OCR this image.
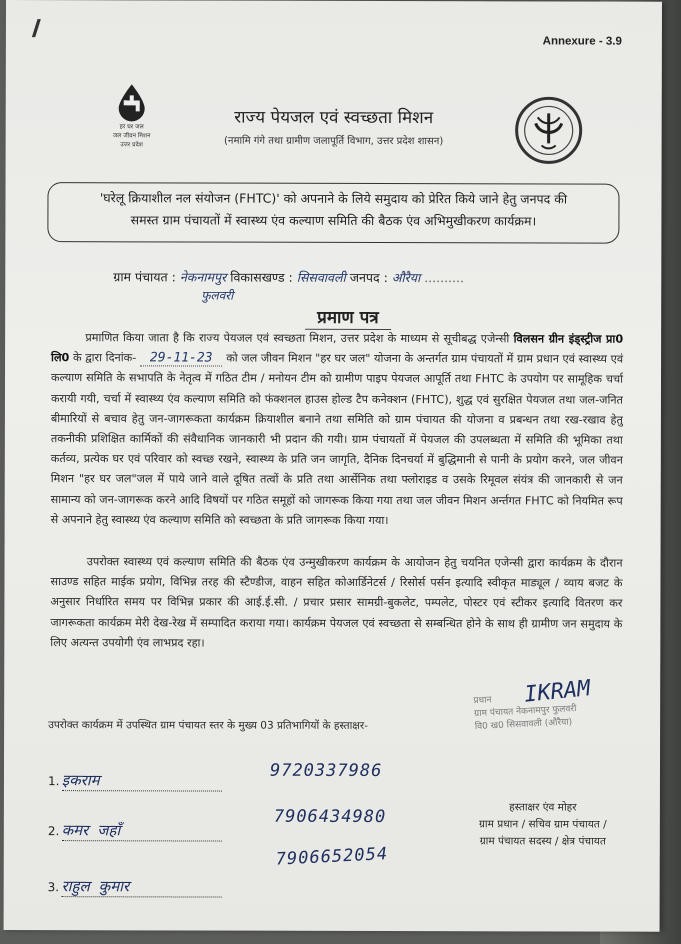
//
Annexure - 3.9
हर घर जल
जल जीवन मिशन
उत्तर प्रदेश
राज्य पेयजल एवं स्वच्छता मिशन
(नमामि गंगे तथा ग्रामीण जलापूर्ति विभाग, उत्तर प्रदेश शासन)
'घरेलू क्रियाशील नल संयोजन (FHTC)' को अपनाने के लिये समुदाय को प्रेरित किये जाने हेतु जनपद की
समस्त ग्राम पंचायतों में स्वास्थ्य एंव कल्याण समिति की बैठक एंव अभिमुखीकरण कार्यक्रम।
ग्राम पंचायत : नेकनामपुर विकासखण्ड : सिसवावली जनपद : औरैया ..........
फुलवरी
प्रमाण पत्र
प्रमाणित किया जाता है कि राज्य पेयजल एवं स्वच्छता मिशन, उत्तर प्रदेश के माध्यम से सूचीबद्ध एजेन्सी विलसन ग्रीन इंड्स्ट्रीज प्रा0 लि0 के द्वारा दिनांक- 29-11-23 को जल जीवन मिशन "हर घर जल" योजना के अन्तर्गत ग्राम पंचायतों में ग्राम प्रधान एवं स्वास्थ्य एवं कल्याण समिति के सभापति के नेतृत्व में गठित टीम / मनोयन टीम को ग्रामीण पाइप पेयजल आपूर्ति तथा FHTC के उपयोग पर सामूहिक चर्चा करायी गयी, चर्चा में स्वास्थ्य एंव कल्याण समिति को फंक्शनल हाउस होल्ड टैप कनेक्शन (FHTC), शुद्ध एवं सुरक्षित पेयजल तथा जल-जनित बीमारियों से बचाव हेतु जन-जागरूकता कार्यक्रम क्रियाशील बनाने तथा समिति को ग्राम पंचायत की योजना व प्रबन्धन तथा रख-रखाव हेतु तकनीकी प्रशिक्षित कार्मिकों की संवैधानिक जानकारी भी प्रदान की गयी। ग्राम पंचायतों में पेयजल की उपलब्धता में समिति की भूमिका तथा कर्तव्य, प्रत्येक घर एवं परिवार को स्वच्छ रखने, स्वास्थ्य के प्रति जन जागृति, दैनिक दिनचर्या में बुद्धिमानी से पानी के प्रयोग करने, जल जीवन मिशन "हर घर जल"जल में पाये जाने वाले दूषित तत्वों के प्रति तथा आर्सेनिक तथा फ्लोराइड व उसके रिमूवल संयंत्र की जानकारी से जन सामान्य को जन-जागरूक करने आदि विषयों पर गठित समूहों को जागरूक किया गया तथा जल जीवन मिशन अर्न्तगत FHTC को नियमित रूप से अपनाने हेतु स्वास्थ्य एंव कल्याण समिति को स्वच्छता के प्रति जागरूक किया गया।
उपरोक्त स्वास्थ्य एवं कल्याण समिति की बैठक एंव उन्मुखीकरण कार्यक्रम के आयोजन हेतु चयनित एजेन्सी द्वारा कार्यक्रम के दौरान साउण्ड सहित माईक प्रयोग, विभिन्न तरह की स्टैण्डीज, वाहन सहित कोआर्डिनेटर्स / रिसोर्स पर्सन इत्यादि स्वीकृत माड्यूल / व्याय बजट के अनुसार निर्धारित समय पर विभिन्न प्रकार की आई.ई.सी. / प्रचार प्रसार सामग्री-बुकलेट, पम्पलेट, पोस्टर एवं स्टीकर इत्यादि वितरण कर जागरूकता कार्यक्रम मेरी देख-रेख में सम्पादित कराया गया। कार्यक्रम पेयजल एवं स्वच्छता से सम्बन्धित होने के साथ ही ग्रामीण जन समुदाय के लिए अत्यन्त उपयोगी एंव लाभप्रद रहा।
प्रधान
ग्राम पंचायत नेकनामपुर फुलवरी
वि0 ख0 सिसवावली (औरैया)
IKRAM
उपरोक्त कार्यक्रम में उपस्थित ग्राम पंचायत स्तर के मुख्य 03 प्रतिभागियों के हस्ताक्षर-
1. इकराम	9720337986
2. कमर जहाँ
7906434980
3. राहुल कुमार
7906652054
हस्ताक्षर एंव मोहर
ग्राम प्रधान / सचिव ग्राम पंचायत /
ग्राम पंचायत सदस्य / क्षेत्र पंचायत
